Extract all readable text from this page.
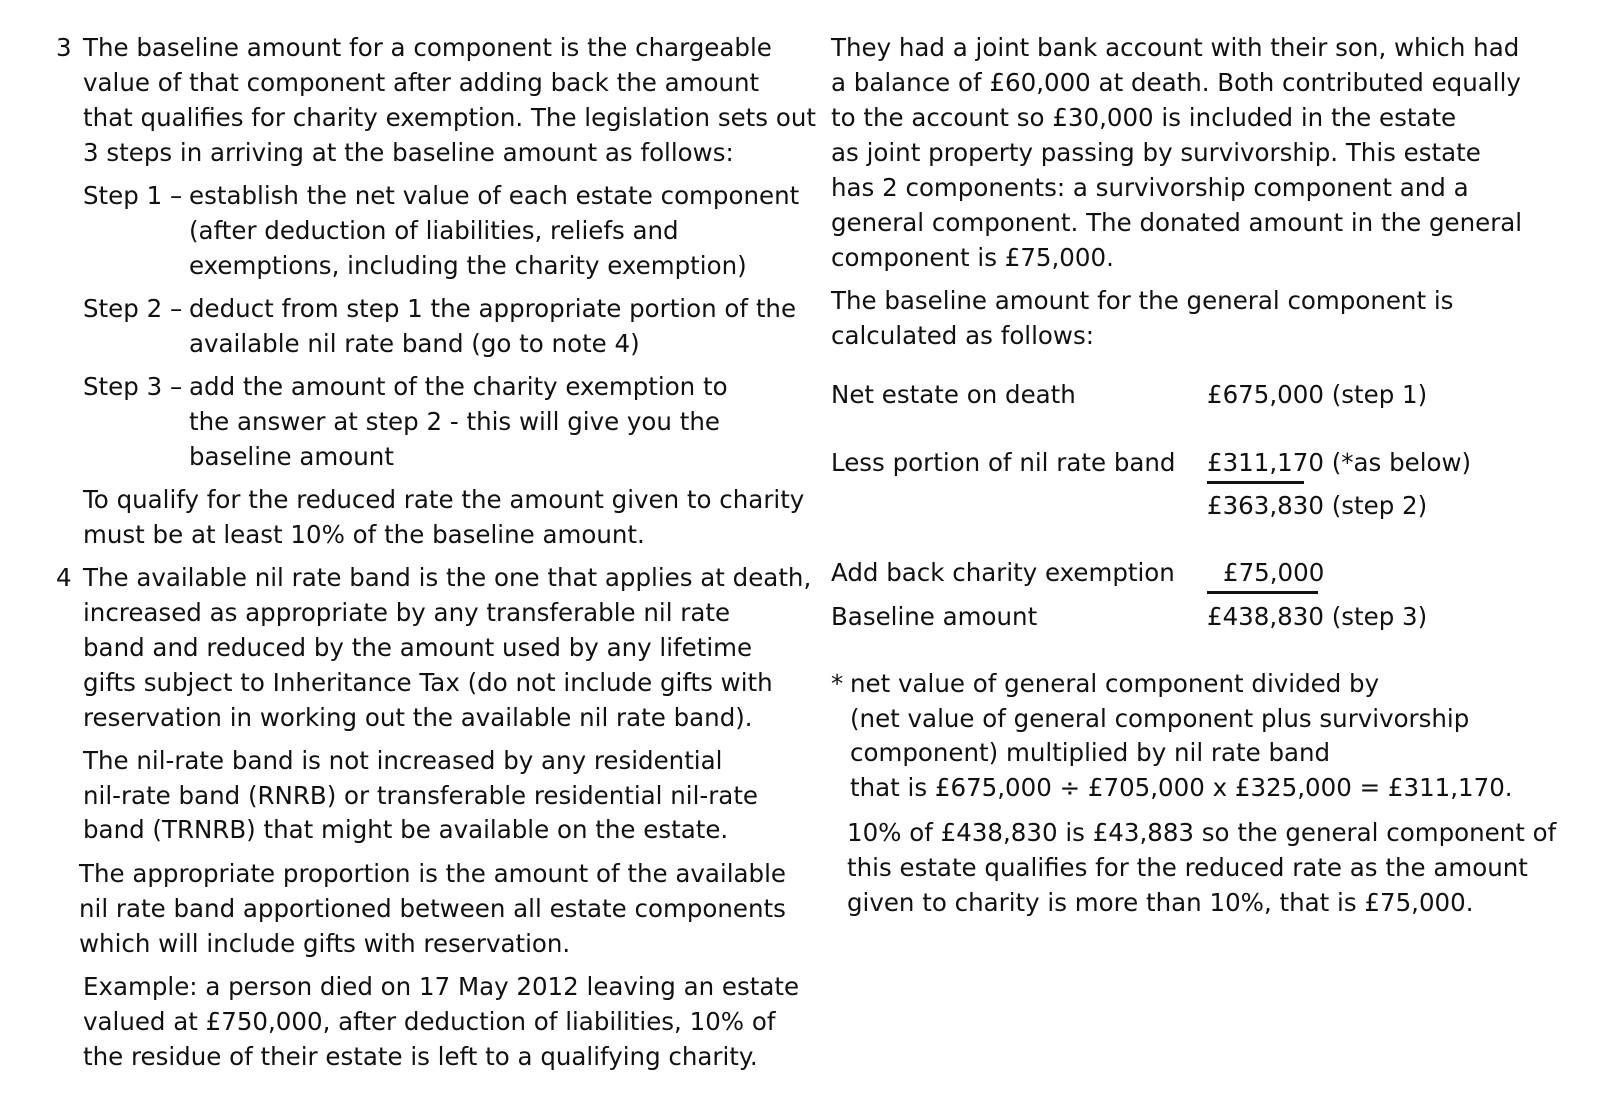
3 The baseline amount for a component is the chargeable
value of that component after adding back the amount
that qualifies for charity exemption. The legislation sets out
3 steps in arriving at the baseline amount as follows:
Step 1 – establish the net value of each estate component
(after deduction of liabilities, reliefs and
exemptions, including the charity exemption)
Step 2 – deduct from step 1 the appropriate portion of the
available nil rate band (go to note 4)
Step 3 – add the amount of the charity exemption to
the answer at step 2 - this will give you the
baseline amount
To qualify for the reduced rate the amount given to charity
must be at least 10% of the baseline amount.
4 The available nil rate band is the one that applies at death,
increased as appropriate by any transferable nil rate
band and reduced by the amount used by any lifetime
gifts subject to Inheritance Tax (do not include gifts with
reservation in working out the available nil rate band).
The nil-rate band is not increased by any residential
nil-rate band (RNRB) or transferable residential nil-rate
band (TRNRB) that might be available on the estate.
The appropriate proportion is the amount of the available
nil rate band apportioned between all estate components
which will include gifts with reservation.
Example: a person died on 17 May 2012 leaving an estate
valued at £750,000, after deduction of liabilities, 10% of
the residue of their estate is left to a qualifying charity.
They had a joint bank account with their son, which had
a balance of £60,000 at death. Both contributed equally
to the account so £30,000 is included in the estate
as joint property passing by survivorship. This estate
has 2 components: a survivorship component and a
general component. The donated amount in the general
component is £75,000.
The baseline amount for the general component is
calculated as follows:
Net estate on death	£675,000 (step 1)
Less portion of nil rate band £311,170 (*as below)
£363,830 (step 2)
Add back charity exemption £75,000
Baseline amount	£438,830 (step 3)
* net value of general component divided by
(net value of general component plus survivorship
component) multiplied by nil rate band
that is £675,000 ÷ £705,000 x £325,000 = £311,170.
10% of £438,830 is £43,883 so the general component of
this estate qualifies for the reduced rate as the amount
given to charity is more than 10%, that is £75,000.
